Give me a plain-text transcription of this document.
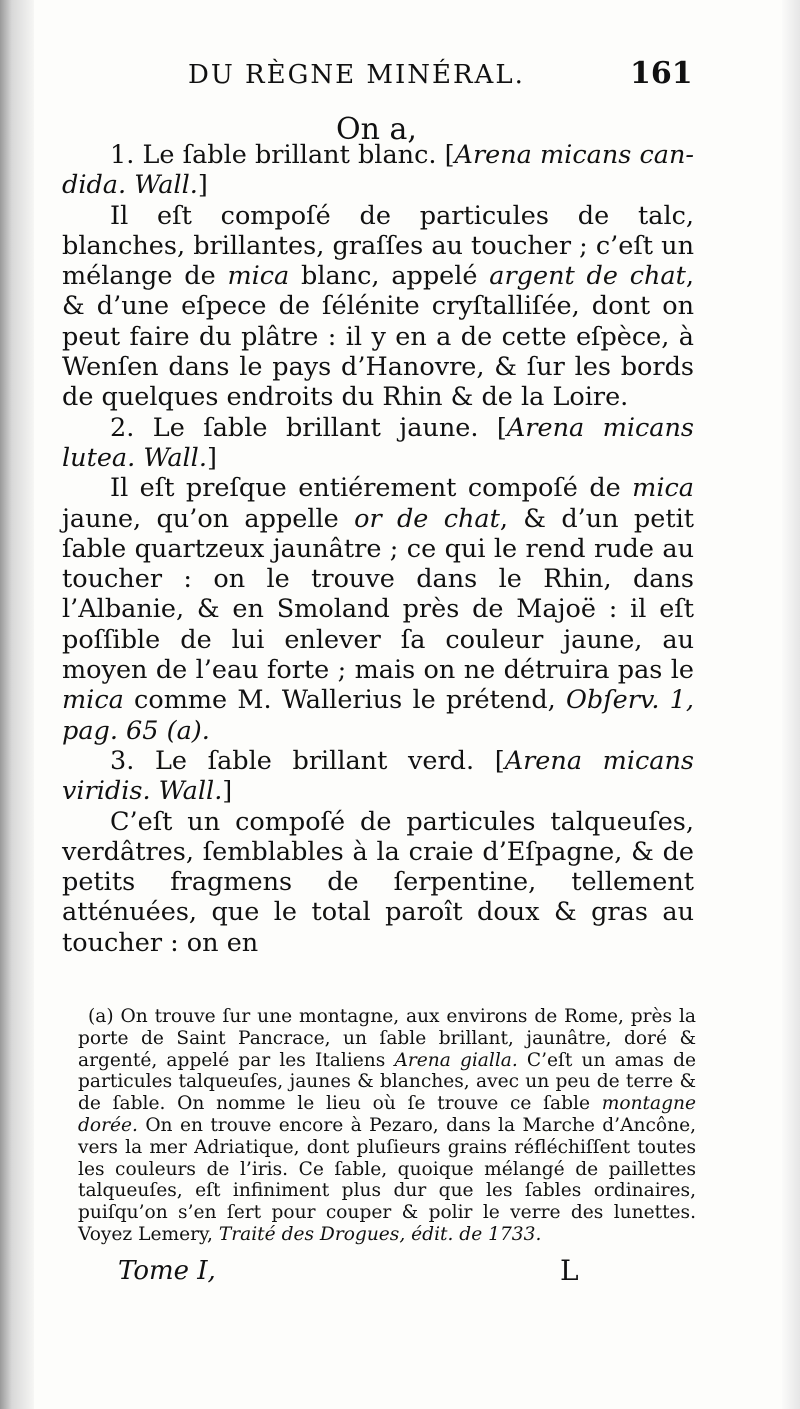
DU RÈGNE MINÉRAL.	161
On a,

1. Le ſable brillant blanc. [Arena micans can-dida. Wall.]

Il eſt compoſé de particules de talc, blanches, brillantes, graſſes au toucher ; c’eſt un mélange de mica blanc, appelé argent de chat, & d’une eſpece de ſélénite cryſtalliſée, dont on peut faire du plâtre : il y en a de cette eſpèce, à Wenſen dans le pays d’Hanovre, & ſur les bords de quelques endroits du Rhin & de la Loire.

2. Le ſable brillant jaune. [Arena micans lutea. Wall.]

Il eſt preſque entiérement compoſé de mica jaune, qu’on appelle or de chat, & d’un petit ſable quartzeux jaunâtre ; ce qui le rend rude au toucher : on le trouve dans le Rhin, dans l’Albanie, & en Smoland près de Majoë : il eſt poſſible de lui enlever ſa couleur jaune, au moyen de l’eau forte ; mais on ne détruira pas le mica comme M. Wallerius le prétend, Obſerv. 1, pag. 65 (a).

3. Le ſable brillant verd. [Arena micans viridis. Wall.]

C’eſt un compoſé de particules talqueuſes, verdâtres, ſemblables à la craie d’Eſpagne, & de petits fragmens de ſerpentine, tellement atténuées, que le total paroît doux & gras au toucher : on en

(a) On trouve ſur une montagne, aux environs de Rome, près la porte de Saint Pancrace, un ſable brillant, jaunâtre, doré & argenté, appelé par les Italiens Arena gialla. C’eſt un amas de particules talqueuſes, jaunes & blanches, avec un peu de terre & de ſable. On nomme le lieu où ſe trouve ce ſable montagne dorée. On en trouve encore à Pezaro, dans la Marche d’Ancône, vers la mer Adriatique, dont pluſieurs grains réfléchiſſent toutes les couleurs de l’iris. Ce ſable, quoique mélangé de paillettes talqueuſes, eſt infiniment plus dur que les ſables ordinaires, puiſqu’on s’en ſert pour couper & polir le verre des lunettes. Voyez Lemery, Traité des Drogues, édit. de 1733.

Tome I,	L
